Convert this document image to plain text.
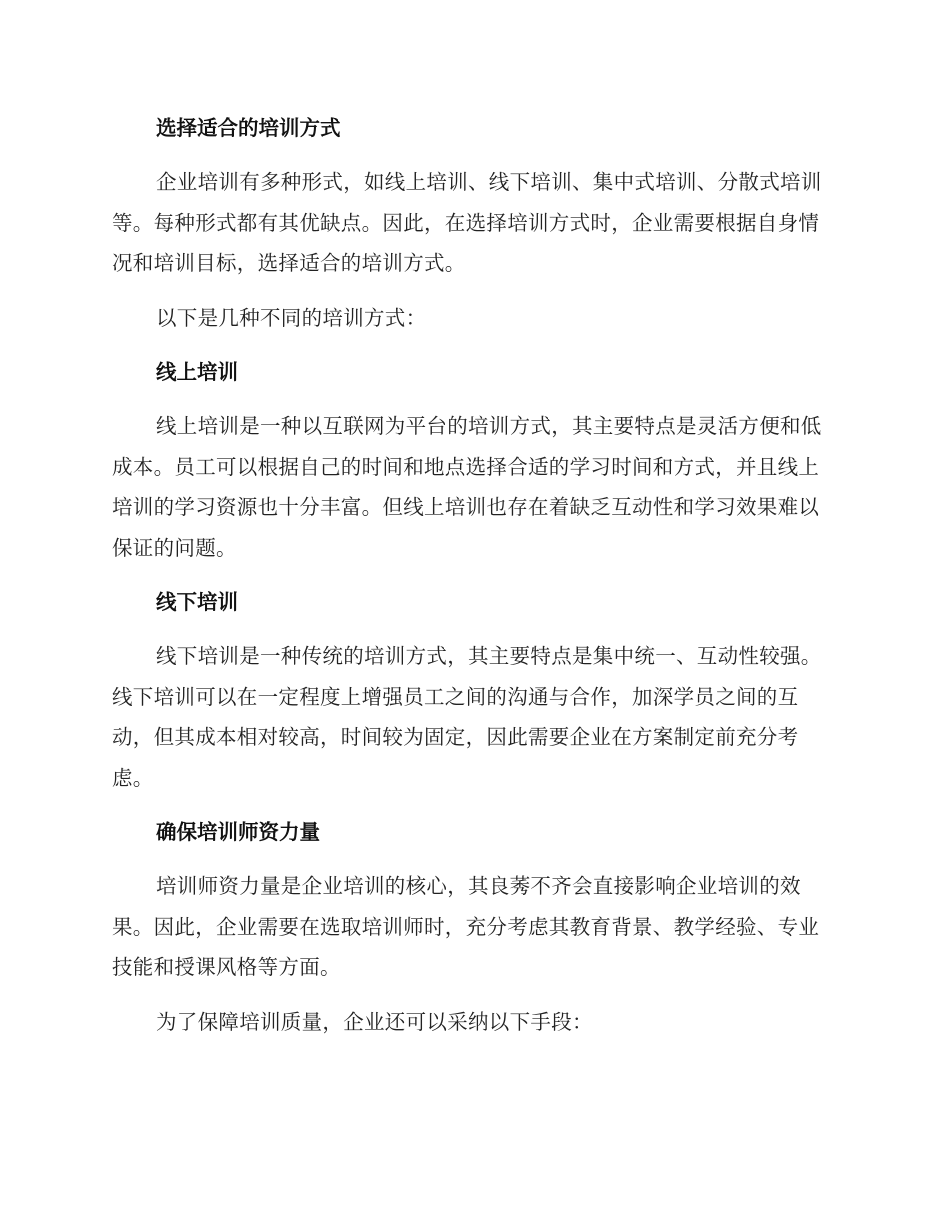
选择适合的培训方式

企业培训有多种形式，如线上培训、线下培训、集中式培训、分散式培训等。每种形式都有其优缺点。因此，在选择培训方式时，企业需要根据自身情况和培训目标，选择适合的培训方式。

以下是几种不同的培训方式：

线上培训

线上培训是一种以互联网为平台的培训方式，其主要特点是灵活方便和低成本。员工可以根据自己的时间和地点选择合适的学习时间和方式，并且线上培训的学习资源也十分丰富。但线上培训也存在着缺乏互动性和学习效果难以保证的问题。

线下培训

线下培训是一种传统的培训方式，其主要特点是集中统一、互动性较强。线下培训可以在一定程度上增强员工之间的沟通与合作，加深学员之间的互动，但其成本相对较高，时间较为固定，因此需要企业在方案制定前充分考虑。

确保培训师资力量

培训师资力量是企业培训的核心，其良莠不齐会直接影响企业培训的效果。因此，企业需要在选取培训师时，充分考虑其教育背景、教学经验、专业技能和授课风格等方面。

为了保障培训质量，企业还可以采纳以下手段：
